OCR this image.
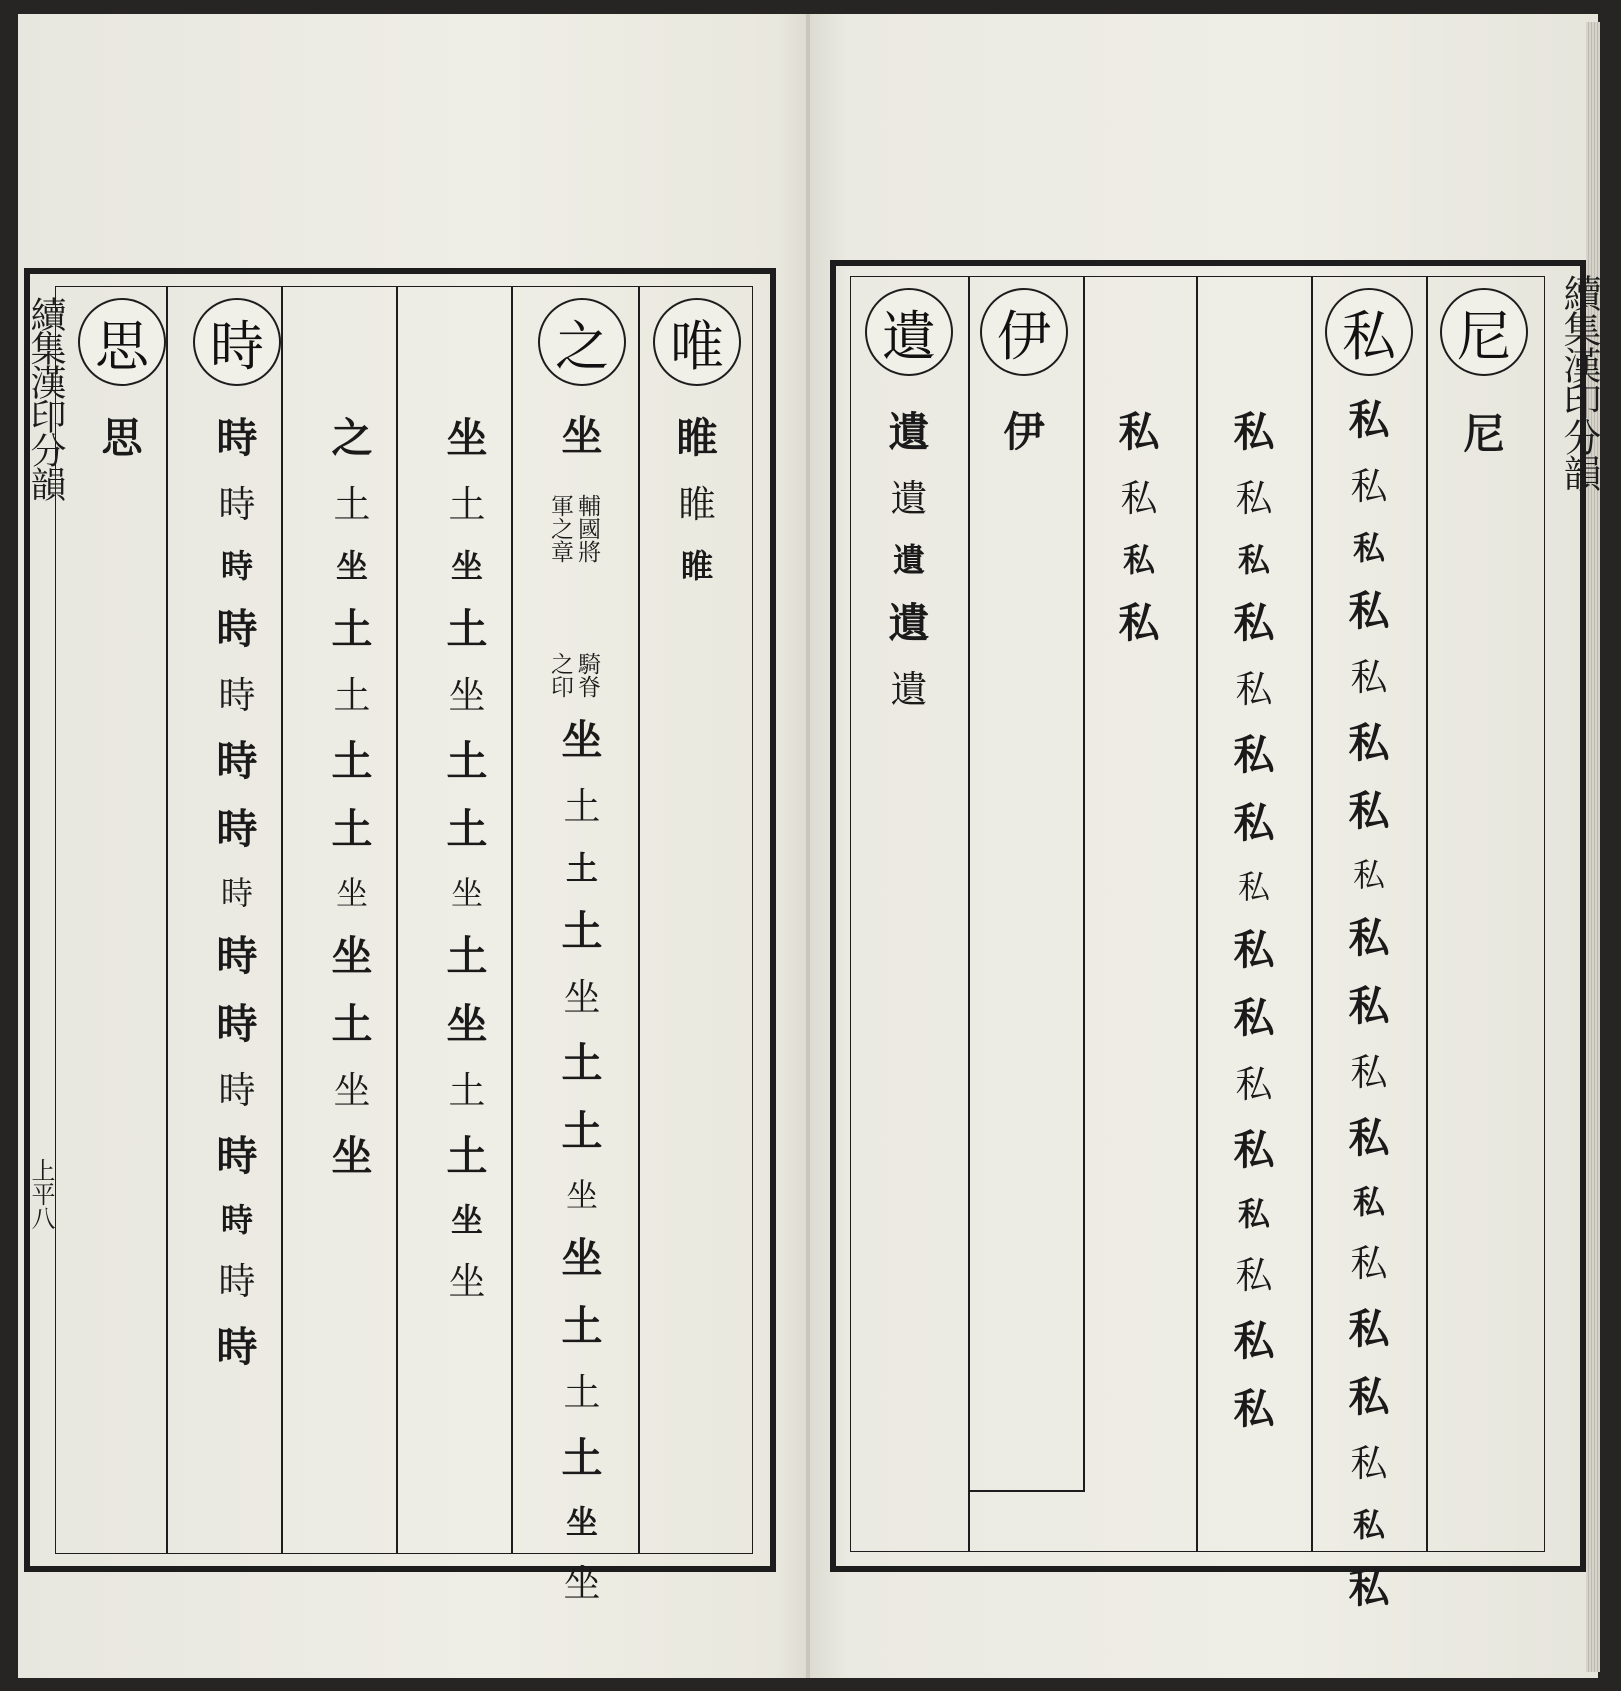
續集漢印分韻
上平八
唯
睢
睢
睢
之
坐
坐
土
土
土
坐
土
土
坐
坐
土
土
土
坐
坐
輔國將
軍之章
騎脊
之印
坐
土
坐
土
坐
土
土
坐
土
坐
土
土
坐
坐
之
土
坐
土
土
土
土
坐
坐
土
坐
坐
時
時
時
時
時
時
時
時
時
時
時
時
時
時
時
時
思
思	續集漢印分韻
尼
尼
私
私
私
私
私
私
私
私
私
私
私
私
私
私
私
私
私
私
私
私
私
私
私
私
私
私
私
私
私
私
私
私
私
私
私
私
私
私
私
私
伊
伊
遺
遺
遺
遺
遺
遺
